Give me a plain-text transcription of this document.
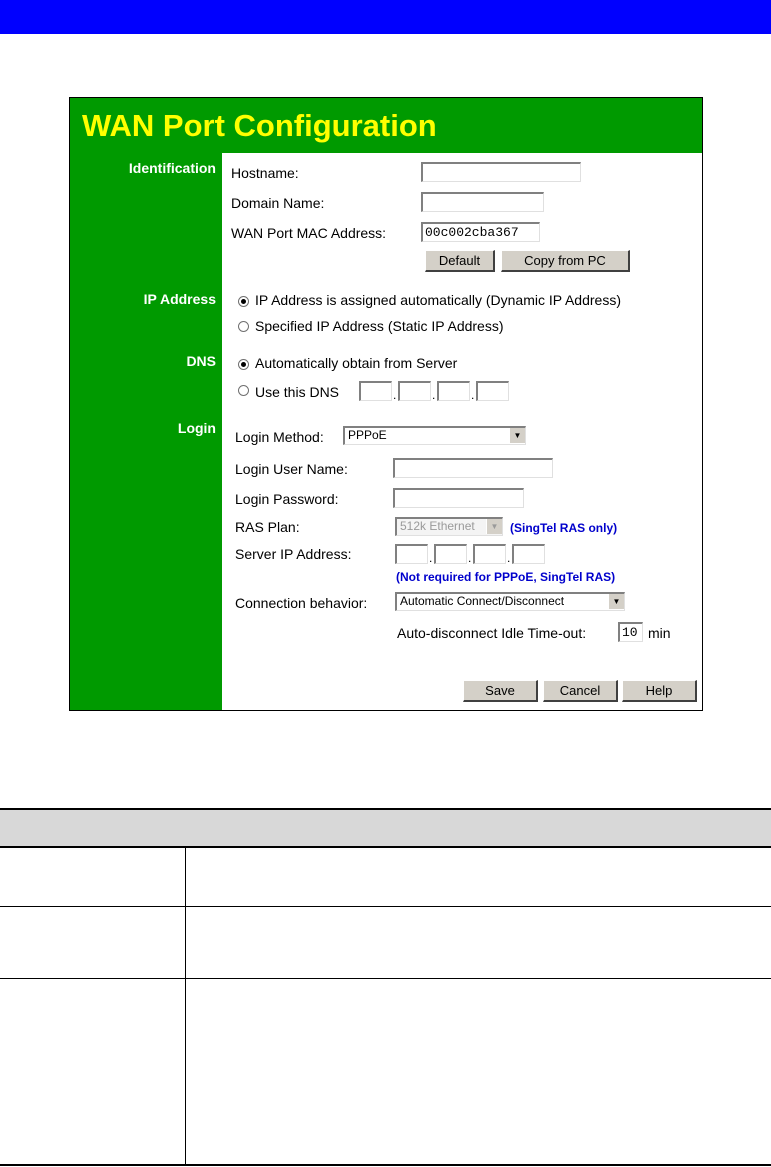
WAN Port Configuration
Identification
IP Address
DNS
Login
Hostname:
Domain Name:
WAN Port MAC Address:	00c002cba367
Default	Copy from PC
IP Address is assigned automatically (Dynamic IP Address)
Specified IP Address (Static IP Address)
Automatically obtain from Server
Use this DNS	.	.	.
Login Method:	PPPoE	▼
Login User Name:
Login Password:
RAS Plan:	512k Ethernet	▼ (SingTel RAS only)
Server IP Address:	.	.	.
(Not required for PPPoE, SingTel RAS)
Connection behavior:	Automatic Connect/Disconnect	▼
Auto-disconnect Idle Time-out:	10 min
Save	Cancel	Help
